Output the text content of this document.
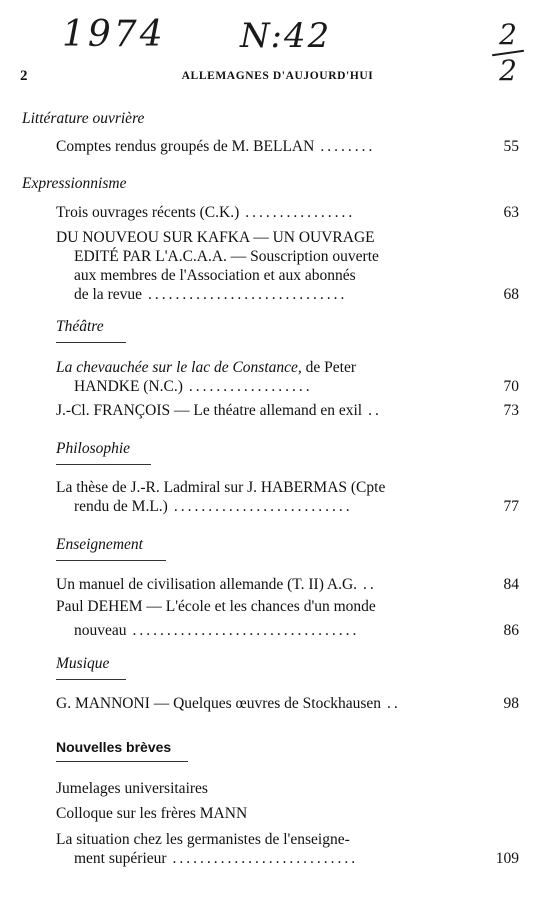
1974 N:42	2
2
2	ALLEMAGNES D'AUJOURD'HUI
Littérature ouvrière
Comptes rendus groupés de M. BELLAN ........	55
Expressionnisme
Trois ouvrages récents (C.K.) ................	63
DU NOUVEOU SUR KAFKA — UN OUVRAGE
EDITÉ PAR L'A.C.A.A. — Souscription ouverte
aux membres de l'Association et aux abonnés
de la revue .............................	68
Théâtre
La chevauchée sur le lac de Constance, de Peter
HANDKE (N.C.) ..................	70
J.-Cl. FRANÇOIS — Le théatre allemand en exil ..	73
Philosophie
La thèse de J.-R. Ladmiral sur J. HABERMAS (Cpte
rendu de M.L.) ..........................	77
Enseignement
Un manuel de civilisation allemande (T. II) A.G. ..	84
Paul DEHEM — L'école et les chances d'un monde
nouveau .................................	86
Musique
G. MANNONI — Quelques œuvres de Stockhausen ..	98
Nouvelles brèves
Jumelages universitaires
Colloque sur les frères MANN
La situation chez les germanistes de l'enseigne-
ment supérieur ...........................	109
